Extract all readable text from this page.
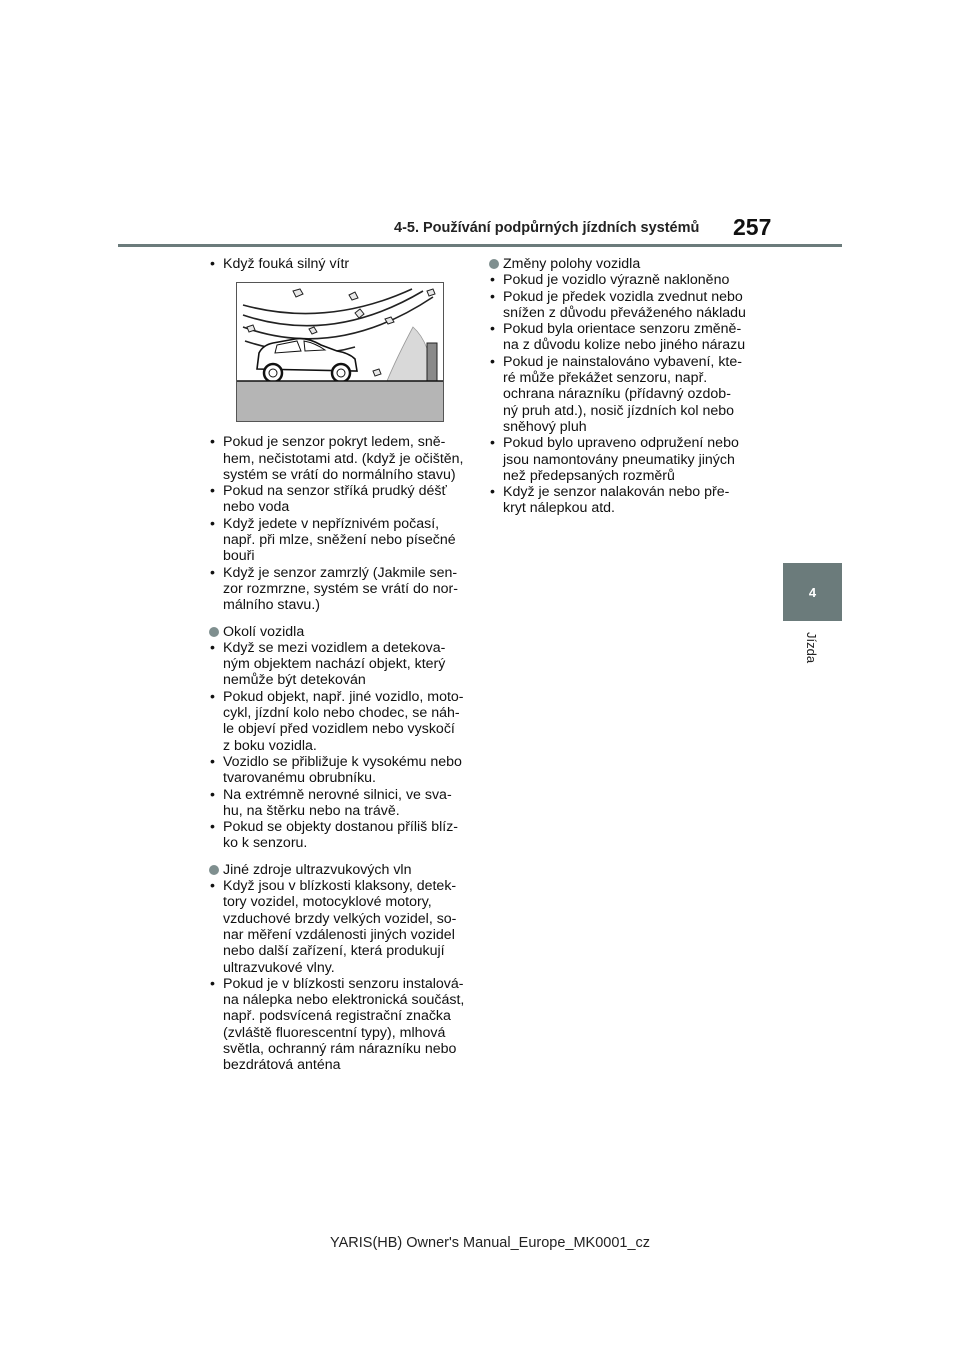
4-5. Používání podpůrných jízdních systémů 257
4
Jízda
• Když fouká silný vítr
• Pokud je senzor pokryt ledem, sně-
hem, nečistotami atd. (když je očištěn,
systém se vrátí do normálního stavu)
• Pokud na senzor stříká prudký déšť
nebo voda
• Když jedete v nepříznivém počasí,
např. při mlze, sněžení nebo písečné
bouři
• Když je senzor zamrzlý (Jakmile sen-
zor rozmrzne, systém se vrátí do nor-
málního stavu.)
Okolí vozidla
• Když se mezi vozidlem a detekova-
ným objektem nachází objekt, který
nemůže být detekován
• Pokud objekt, např. jiné vozidlo, moto-
cykl, jízdní kolo nebo chodec, se náh-
le objeví před vozidlem nebo vyskočí
z boku vozidla.
• Vozidlo se přibližuje k vysokému nebo
tvarovanému obrubníku.
• Na extrémně nerovné silnici, ve sva-
hu, na štěrku nebo na trávě.
• Pokud se objekty dostanou příliš blíz-
ko k senzoru.
Jiné zdroje ultrazvukových vln
• Když jsou v blízkosti klaksony, detek-
tory vozidel, motocyklové motory,
vzduchové brzdy velkých vozidel, so-
nar měření vzdálenosti jiných vozidel
nebo další zařízení, která produkují
ultrazvukové vlny.
• Pokud je v blízkosti senzoru instalová-
na nálepka nebo elektronická součást,
např. podsvícená registrační značka
(zvláště fluorescentní typy), mlhová
světla, ochranný rám nárazníku nebo
bezdrátová anténa
Změny polohy vozidla
• Pokud je vozidlo výrazně nakloněno
• Pokud je předek vozidla zvednut nebo
snížen z důvodu převáženého nákladu
• Pokud byla orientace senzoru změně-
na z důvodu kolize nebo jiného nárazu
• Pokud je nainstalováno vybavení, kte-
ré může překážet senzoru, např.
ochrana nárazníku (přídavný ozdob-
ný pruh atd.), nosič jízdních kol nebo
sněhový pluh
• Pokud bylo upraveno odpružení nebo
jsou namontovány pneumatiky jiných
než předepsaných rozměrů
• Když je senzor nalakován nebo pře-
kryt nálepkou atd.
YARIS(HB) Owner's Manual_Europe_MK0001_cz
